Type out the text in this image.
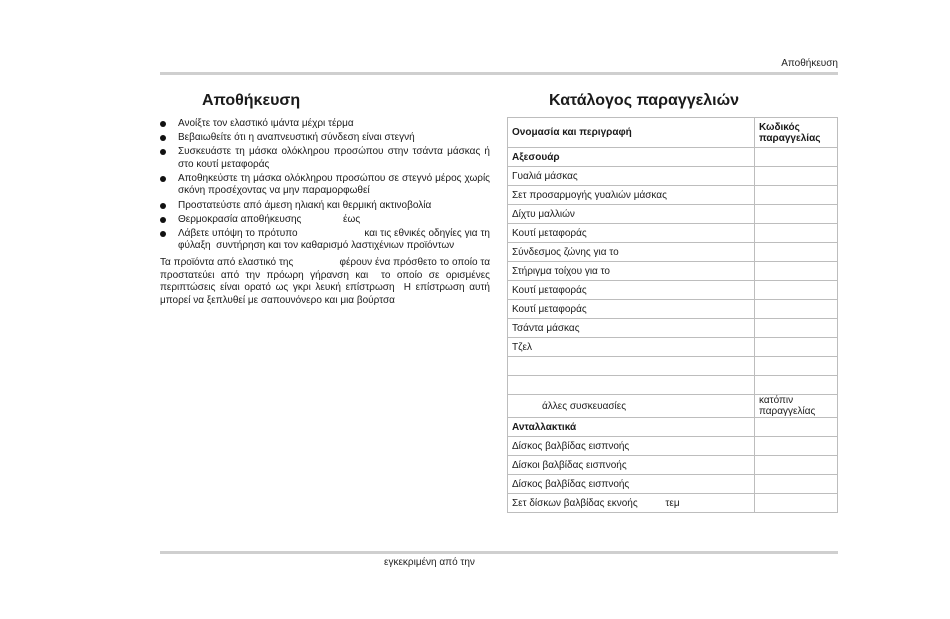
Αποθήκευση
Αποθήκευση
Ανοίξτε τον ελαστικό ιμάντα μέχρι τέρμα
Βεβαιωθείτε ότι η αναπνευστική σύνδεση είναι στεγνή
Συσκευάστε τη μάσκα ολόκληρου προσώπου στην τσάντα μάσκας ή στο κουτί μεταφοράς
Αποθηκεύστε τη μάσκα ολόκληρου προσώπου σε στεγνό μέρος χωρίς σκόνη προσέχοντας να μην παραμορφωθεί
Προστατεύστε από άμεση ηλιακή και θερμική ακτινοβολία
Θερμοκρασία αποθήκευσης               έως
Λάβετε υπόψη το πρότυπο                       και τις εθνικές οδηγίες για τη φύλαξη  συντήρηση και τον καθαρισμό λαστιχένιων προϊόντων

Τα προϊόντα από ελαστικό της                φέρουν ένα πρόσθετο το οποίο τα προστατεύει από την πρόωρη γήρανση και  το οποίο σε ορισμένες περιπτώσεις είναι ορατό ως γκρι λευκή επίστρωση  Η επίστρωση αυτή μπορεί να ξεπλυθεί με σαπουνόνερο και μια βούρτσα

Κατάλογος παραγγελιών
Ονομασία και περιγραφή	Κωδικός παραγγελίας
Αξεσουάρ	
Γυαλιά μάσκας	
Σετ προσαρμογής γυαλιών μάσκας	
Δίχτυ μαλλιών	
Κουτί μεταφοράς	
Σύνδεσμος ζώνης για το	
Στήριγμα τοίχου για το	
Κουτί μεταφοράς	
Κουτί μεταφοράς	
Τσάντα μάσκας	
Τζελ	

άλλες συσκευασίες	κατόπιν παραγγελίας
Ανταλλακτικά	
Δίσκος βαλβίδας εισπνοής	
Δίσκοι βαλβίδας εισπνοής	
Δίσκος βαλβίδας εισπνοής	
Σετ δίσκων βαλβίδας εκνοής          τεμ	
εγκεκριμένη από την
